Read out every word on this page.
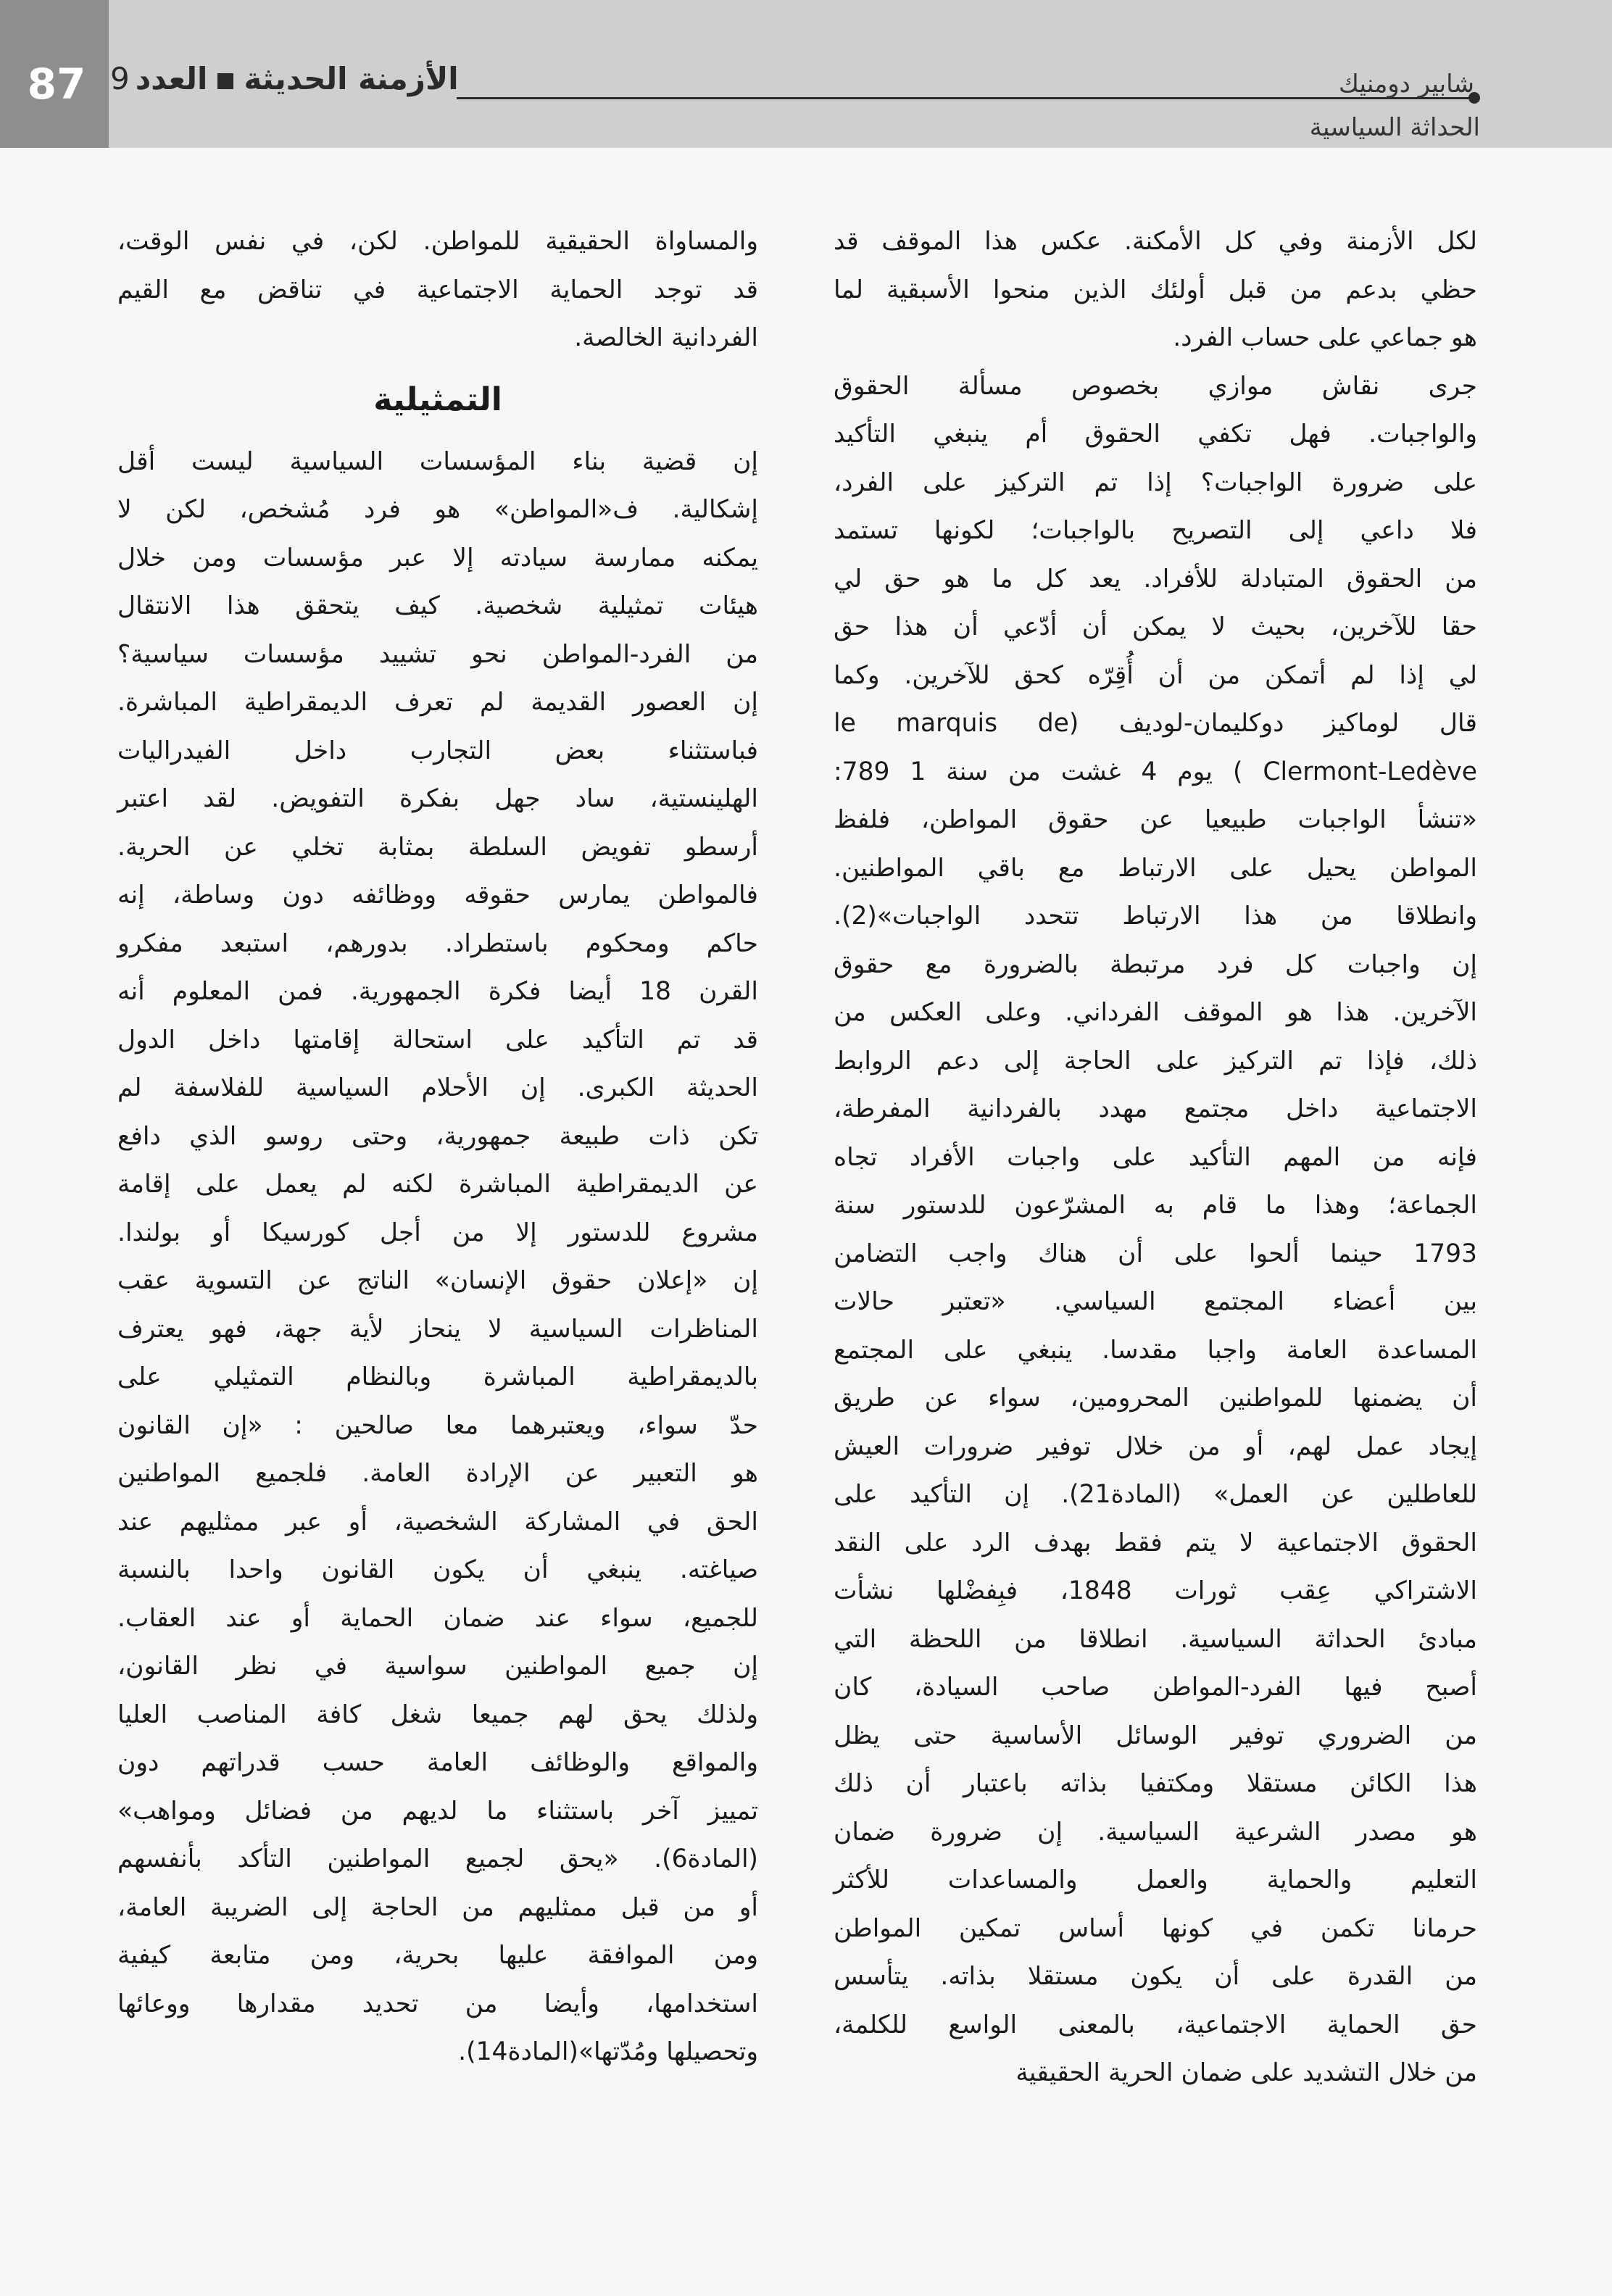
87	الأزمنة الحديثةالعدد9	شابير دومنيك
الحداثة السياسية
لكل الأزمنة وفي كل الأمكنة. عكس هذا الموقف قد
حظي بدعم من قبل أولئك الذين منحوا الأسبقية لما
هو جماعي على حساب الفرد.
جرى نقاش موازي بخصوص مسألة الحقوق
والواجبات. فهل تكفي الحقوق أم ينبغي التأكيد
على ضرورة الواجبات؟ إذا تم التركيز على الفرد،
فلا داعي إلى التصريح بالواجبات؛ لكونها تستمد
من الحقوق المتبادلة للأفراد. يعد كل ما هو حق لي
حقا للآخرين، بحيث لا يمكن أن أدّعي أن هذا حق
لي إذا لم أتمكن من أن أُقِرّه كحق للآخرين. وكما
قال لوماكيز دوكليمان-لوديف (le marquis de
Clermont-Ledève ) يوم 4 غشت من سنة 1 789:
«تنشأ الواجبات طبيعيا عن حقوق المواطن، فلفظ
المواطن يحيل على الارتباط مع باقي المواطنين.
وانطلاقا من هذا الارتباط تتحدد الواجبات»(2).
إن واجبات كل فرد مرتبطة بالضرورة مع حقوق
الآخرين. هذا هو الموقف الفرداني. وعلى العكس من
ذلك، فإذا تم التركيز على الحاجة إلى دعم الروابط
الاجتماعية داخل مجتمع مهدد بالفردانية المفرطة،
فإنه من المهم التأكيد على واجبات الأفراد تجاه
الجماعة؛ وهذا ما قام به المشرّعون للدستور سنة
1793 حينما ألحوا على أن هناك واجب التضامن
بين أعضاء المجتمع السياسي. «تعتبر حالات
المساعدة العامة واجبا مقدسا. ينبغي على المجتمع
أن يضمنها للمواطنين المحرومين، سواء عن طريق
إيجاد عمل لهم، أو من خلال توفير ضرورات العيش
للعاطلين عن العمل» (المادة21). إن التأكيد على
الحقوق الاجتماعية لا يتم فقط بهدف الرد على النقد
الاشتراكي عِقب ثورات 1848، فبِفضْلها نشأت
مبادئ الحداثة السياسية. انطلاقا من اللحظة التي
أصبح فيها الفرد-المواطن صاحب السيادة، كان
من الضروري توفير الوسائل الأساسية حتى يظل
هذا الكائن مستقلا ومكتفيا بذاته باعتبار أن ذلك
هو مصدر الشرعية السياسية. إن ضرورة ضمان
التعليم والحماية والعمل والمساعدات للأكثر
حرمانا تكمن في كونها أساس تمكين المواطن
من القدرة على أن يكون مستقلا بذاته. يتأسس
حق الحماية الاجتماعية، بالمعنى الواسع للكلمة،
من خلال التشديد على ضمان الحرية الحقيقية
والمساواة الحقيقية للمواطن. لكن، في نفس الوقت،
قد توجد الحماية الاجتماعية في تناقض مع القيم
الفردانية الخالصة.
التمثيلية
إن قضية بناء المؤسسات السياسية ليست أقل
إشكالية. ف«المواطن» هو فرد مُشخص، لكن لا
يمكنه ممارسة سيادته إلا عبر مؤسسات ومن خلال
هيئات تمثيلية شخصية. كيف يتحقق هذا الانتقال
من الفرد-المواطن نحو تشييد مؤسسات سياسية؟
إن العصور القديمة لم تعرف الديمقراطية المباشرة.
فباستثناء بعض التجارب داخل الفيدراليات
الهلينستية، ساد جهل بفكرة التفويض. لقد اعتبر
أرسطو تفويض السلطة بمثابة تخلي عن الحرية.
فالمواطن يمارس حقوقه ووظائفه دون وساطة، إنه
حاكم ومحكوم باستطراد. بدورهم، استبعد مفكرو
القرن 18 أيضا فكرة الجمهورية. فمن المعلوم أنه
قد تم التأكيد على استحالة إقامتها داخل الدول
الحديثة الكبرى. إن الأحلام السياسية للفلاسفة لم
تكن ذات طبيعة جمهورية، وحتى روسو الذي دافع
عن الديمقراطية المباشرة لكنه لم يعمل على إقامة
مشروع للدستور إلا من أجل كورسيكا أو بولندا.
إن «إعلان حقوق الإنسان» الناتج عن التسوية عقب
المناظرات السياسية لا ينحاز لأية جهة، فهو يعترف
بالديمقراطية المباشرة وبالنظام التمثيلي على
حدّ سواء، ويعتبرهما معا صالحين : «إن القانون
هو التعبير عن الإرادة العامة. فلجميع المواطنين
الحق في المشاركة الشخصية، أو عبر ممثليهم عند
صياغته. ينبغي أن يكون القانون واحدا بالنسبة
للجميع، سواء عند ضمان الحماية أو عند العقاب.
إن جميع المواطنين سواسية في نظر القانون،
ولذلك يحق لهم جميعا شغل كافة المناصب العليا
والمواقع والوظائف العامة حسب قدراتهم دون
تمييز آخر باستثناء ما لديهم من فضائل ومواهب»
(المادة6). «يحق لجميع المواطنين التأكد بأنفسهم
أو من قبل ممثليهم من الحاجة إلى الضريبة العامة،
ومن الموافقة عليها بحرية، ومن متابعة كيفية
استخدامها، وأيضا من تحديد مقدارها ووعائها
وتحصيلها ومُدّتها»(المادة14).
